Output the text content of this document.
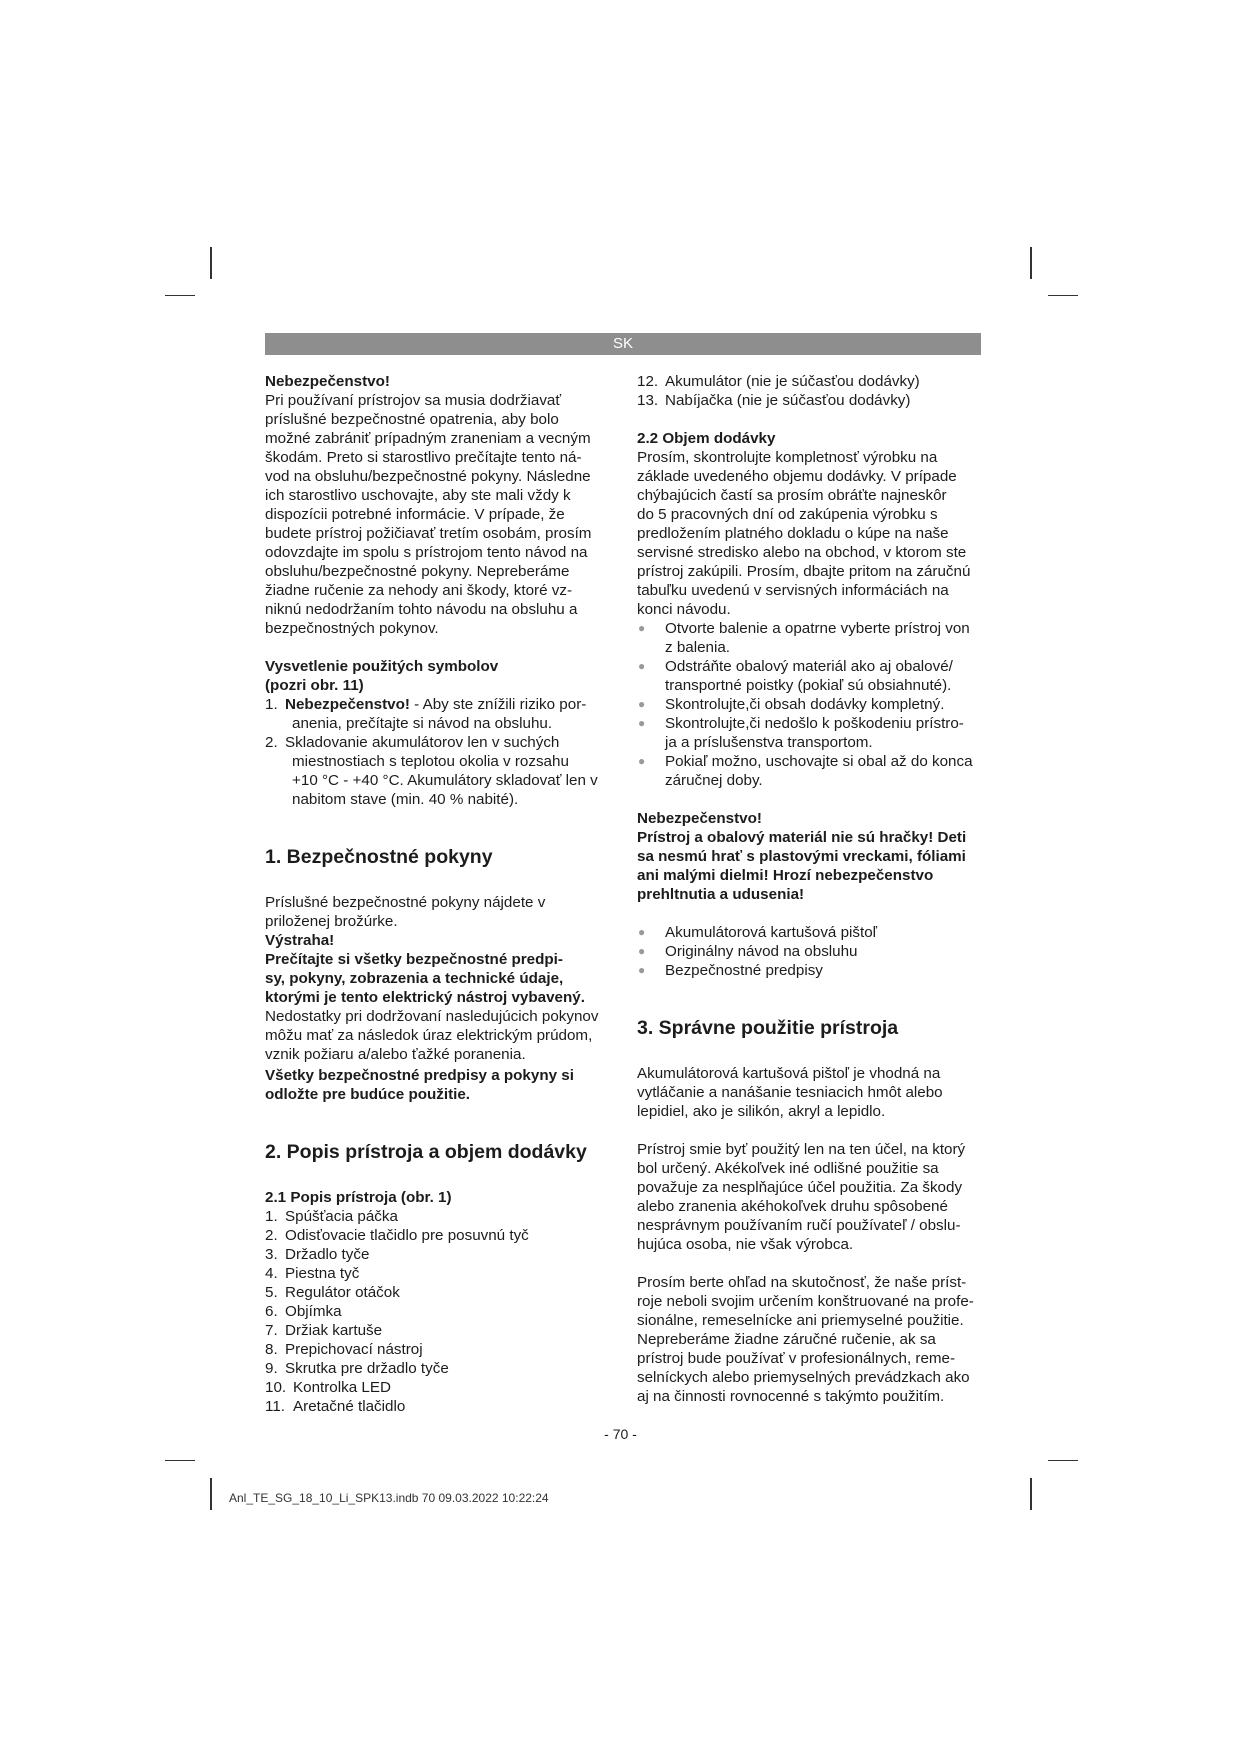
SK

Nebezpečenstvo!

Pri používaní prístrojov sa musia dodržiavať
príslušné bezpečnostné opatrenia, aby bolo
možné zabrániť prípadným zraneniam a vecným
škodám. Preto si starostlivo prečítajte tento ná-
vod na obsluhu/bezpečnostné pokyny. Následne
ich starostlivo uschovajte, aby ste mali vždy k
dispozícii potrebné informácie. V prípade, že
budete prístroj požičiavať tretím osobám, prosím
odovzdajte im spolu s prístrojom tento návod na
obsluhu/bezpečnostné pokyny. Nepreberáme
žiadne ručenie za nehody ani škody, ktoré vz-
niknú nedodržaním tohto návodu na obsluhu a
bezpečnostných pokynov.

Vysvetlenie použitých symbolov

(pozri obr. 11)

1. Nebezpečenstvo! - Aby ste znížili riziko por-
anenia, prečítajte si návod na obsluhu.
2. Skladovanie akumulátorov len v suchých
miestnostiach s teplotou okolia v rozsahu
+10 °C - +40 °C. Akumulátory skladovať len v
nabitom stave (min. 40 % nabité).
1. Bezpečnostné pokyny
Príslušné bezpečnostné pokyny nájdete v
priloženej brožúrke.

Výstraha!

Prečítajte si všetky bezpečnostné predpi-
sy, pokyny, zobrazenia a technické údaje,
ktorými je tento elektrický nástroj vybavený.
Nedostatky pri dodržovaní nasledujúcich pokynov
môžu mať za následok úraz elektrickým prúdom,
vznik požiaru a/alebo ťažké poranenia.
Všetky bezpečnostné predpisy a pokyny si
odložte pre budúce použitie.
2. Popis prístroja a objem dodávky

2.1 Popis prístroja (obr. 1)

1. Spúšťacia páčka
2. Odisťovacie tlačidlo pre posuvnú tyč
3. Držadlo tyče
4. Piestna tyč
5. Regulátor otáčok
6. Objímka
7. Držiak kartuše
8. Prepichovací nástroj
9. Skrutka pre držadlo tyče
10. Kontrolka LED
11. Aretačné tlačidlo
12. Akumulátor (nie je súčasťou dodávky)
13. Nabíjačka (nie je súčasťou dodávky)

2.2 Objem dodávky

Prosím, skontrolujte kompletnosť výrobku na
základe uvedeného objemu dodávky. V prípade
chýbajúcich častí sa prosím obráťte najneskôr
do 5 pracovných dní od zakúpenia výrobku s
predložením platného dokladu o kúpe na naše
servisné stredisko alebo na obchod, v ktorom ste
prístroj zakúpili. Prosím, dbajte pritom na záručnú
tabuľku uvedenú v servisných informáciách na
konci návodu.
●	Otvorte balenie a opatrne vyberte prístroj von
z balenia.
●	Odstráňte obalový materiál ako aj obalové/
transportné poistky (pokiaľ sú obsiahnuté).
●	Skontrolujte,či obsah dodávky kompletný.
●	Skontrolujte,či nedošlo k poškodeniu prístro-
ja a príslušenstva transportom.
●	Pokiaľ možno, uschovajte si obal až do konca
záručnej doby.

Nebezpečenstvo!

Prístroj a obalový materiál nie sú hračky! Deti
sa nesmú hrať s plastovými vreckami, fóliami
ani malými dielmi! Hrozí nebezpečenstvo
prehltnutia a udusenia!
●	Akumulátorová kartušová pištoľ
●	Originálny návod na obsluhu
●	Bezpečnostné predpisy
3. Správne použitie prístroja
Akumulátorová kartušová pištoľ je vhodná na
vytláčanie a nanášanie tesniacich hmôt alebo
lepidiel, ako je silikón, akryl a lepidlo.
Prístroj smie byť použitý len na ten účel, na ktorý
bol určený. Akékoľvek iné odlišné použitie sa
považuje za nesplňajúce účel použitia. Za škody
alebo zranenia akéhokoľvek druhu spôsobené
nesprávnym používaním ručí používateľ / obslu-
hujúca osoba, nie však výrobca.
Prosím berte ohľad na skutočnosť, že naše príst-
roje neboli svojim určením konštruované na profe-
sionálne, remeselnícke ani priemyselné použitie.
Nepreberáme žiadne záručné ručenie, ak sa
prístroj bude používať v profesionálnych, reme-
selníckych alebo priemyselných prevádzkach ako
aj na činnosti rovnocenné s takýmto použitím.
- 70 -
Anl_TE_SG_18_10_Li_SPK13.indb 70 09.03.2022 10:22:24
